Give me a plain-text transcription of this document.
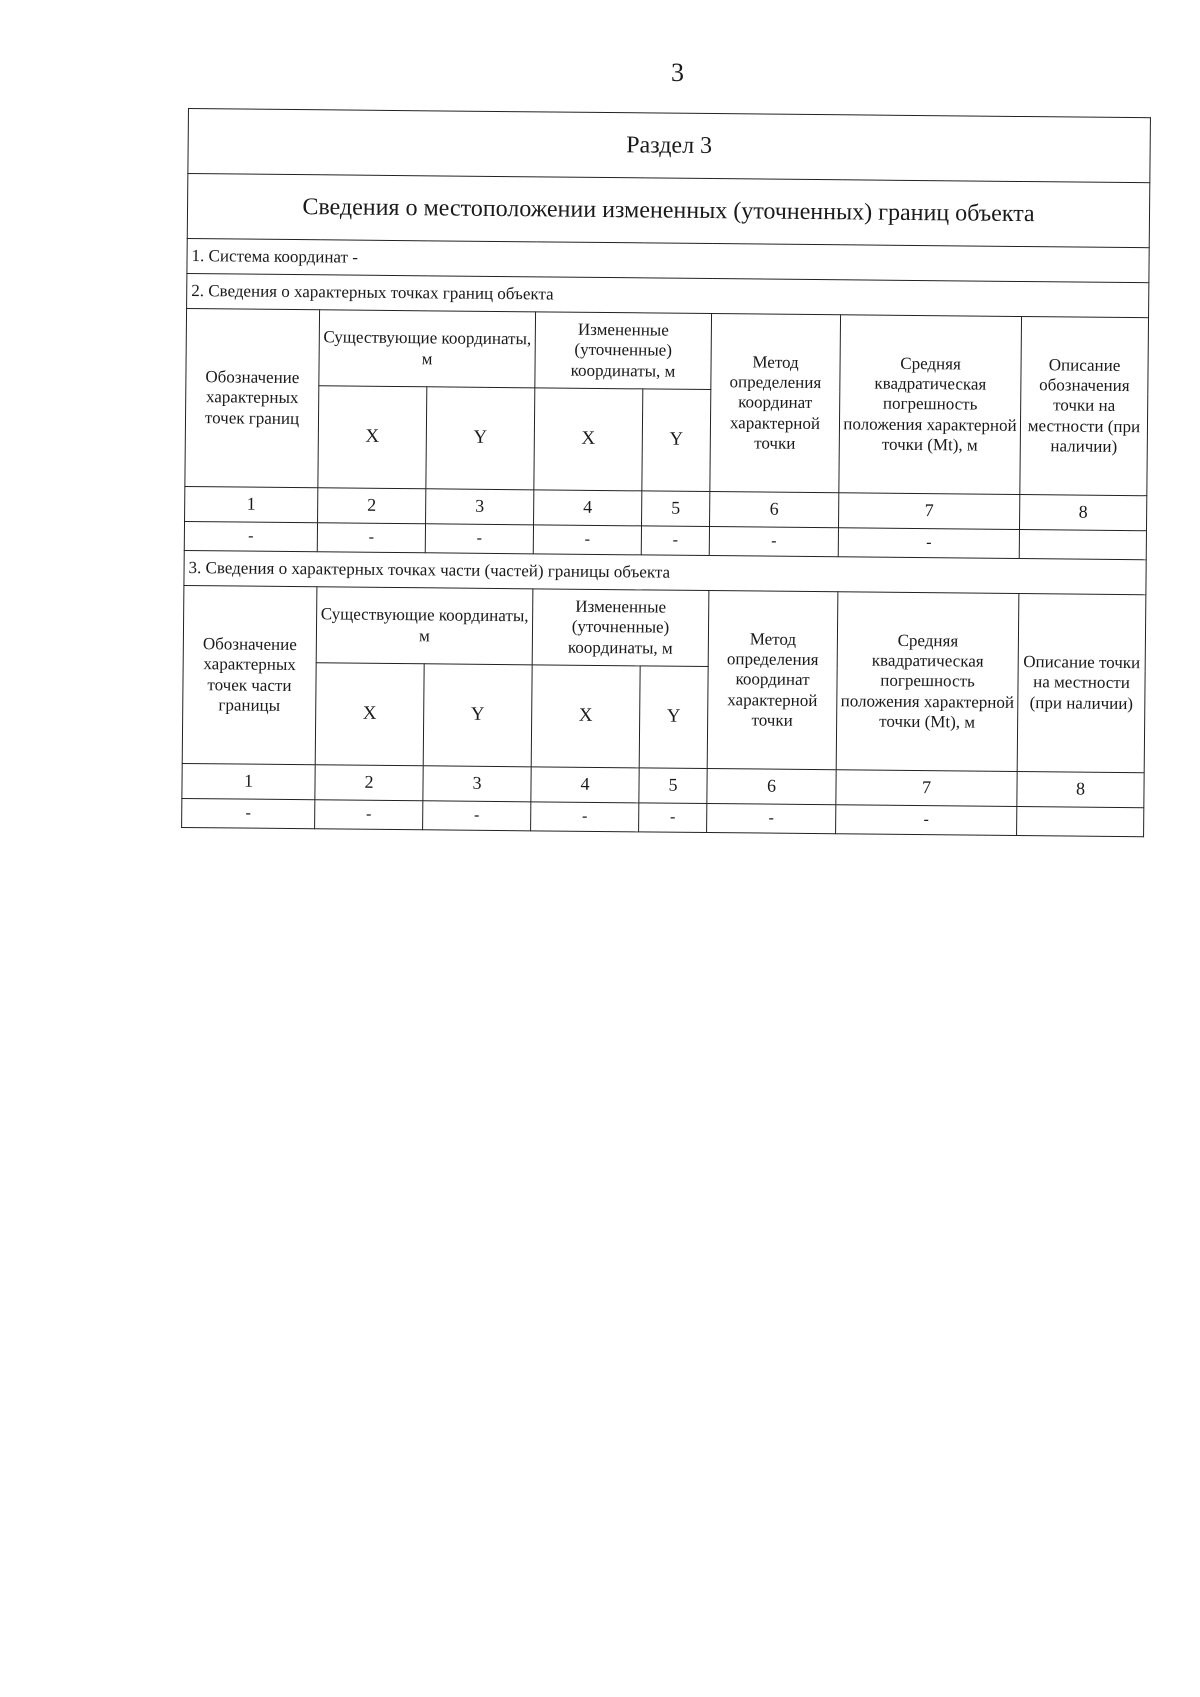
3
Раздел 3							
Сведения о местоположении измененных (уточненных) границ объекта							
1. Система координат -							
2. Сведения о характерных точках границ объекта							
Обозначение характерных точек границ	Существующие координаты, м		Измененные (уточненные) координаты, м		Метод определения координат характерной точки	Средняя квадратическая погрешность положения характерной точки (Mt), м	Описание обозначения точки на местности (при наличии)
	X	Y	X	Y			
1	2	3	4	5	6	7	8
-	-	-	-	-	-	-	
3. Сведения о характерных точках части (частей) границы объекта							
Обозначение характерных точек части границы	Существующие координаты, м		Измененные (уточненные) координаты, м		Метод определения координат характерной точки	Средняя квадратическая погрешность положения характерной точки (Mt), м	Описание точки на местности (при наличии)
	X	Y	X	Y			
1	2	3	4	5	6	7	8
-	-	-	-	-	-	-	
